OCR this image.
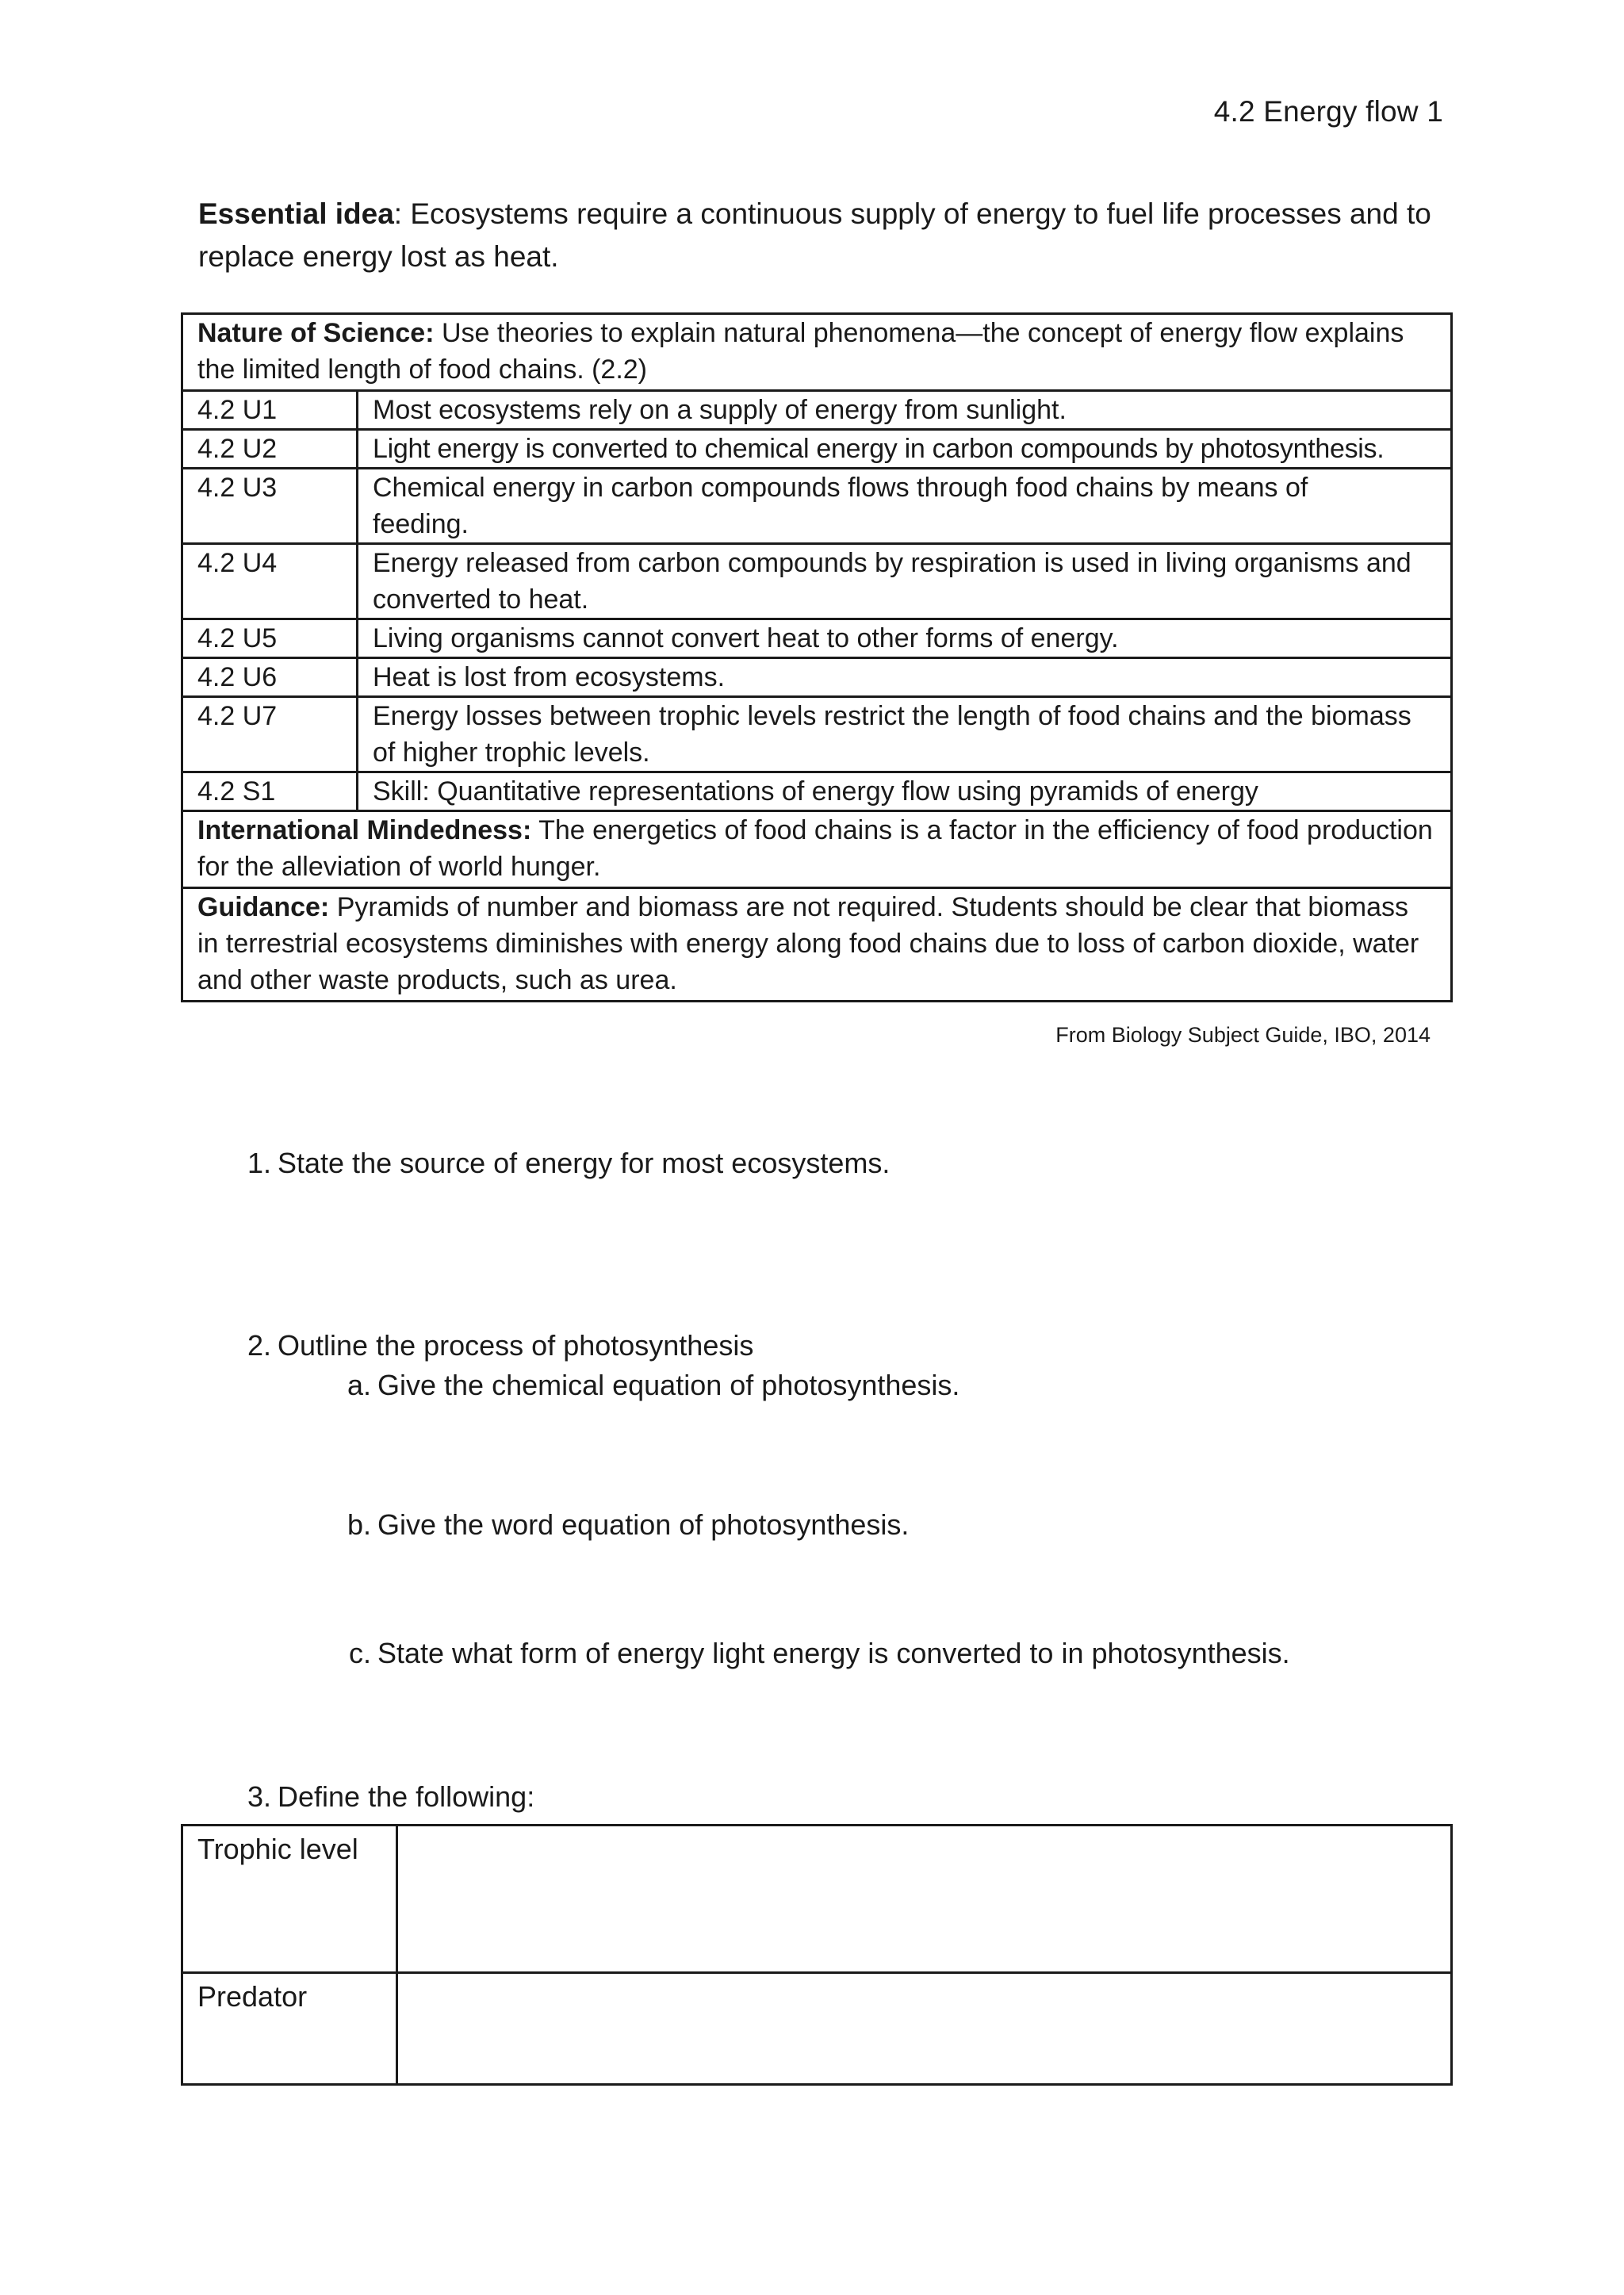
4.2 Energy flow 1
Essential idea: Ecosystems require a continuous supply of energy to fuel life processes and to replace energy lost as heat.
Nature of Science: Use theories to explain natural phenomena—the concept of energy flow explains the limited length of food chains. (2.2)	
4.2 U1	Most ecosystems rely on a supply of energy from sunlight.
4.2 U2	Light energy is converted to chemical energy in carbon compounds by photosynthesis.
4.2 U3	Chemical energy in carbon compounds flows through food chains by means of feeding.
4.2 U4	Energy released from carbon compounds by respiration is used in living organisms and converted to heat.
4.2 U5	Living organisms cannot convert heat to other forms of energy.
4.2 U6	Heat is lost from ecosystems.
4.2 U7	Energy losses between trophic levels restrict the length of food chains and the biomass of higher trophic levels.
4.2 S1	Skill: Quantitative representations of energy flow using pyramids of energy
International Mindedness: The energetics of food chains is a factor in the efficiency of food production for the alleviation of world hunger.	
Guidance: Pyramids of number and biomass are not required. Students should be clear that biomass in terrestrial ecosystems diminishes with energy along food chains due to loss of carbon dioxide, water and other waste products, such as urea.	
From Biology Subject Guide, IBO, 2014
1. State the source of energy for most ecosystems.
2. Outline the process of photosynthesis
a. Give the chemical equation of photosynthesis.
b. Give the word equation of photosynthesis.
c. State what form of energy light energy is converted to in photosynthesis.
3. Define the following:
Trophic level	
Predator	
